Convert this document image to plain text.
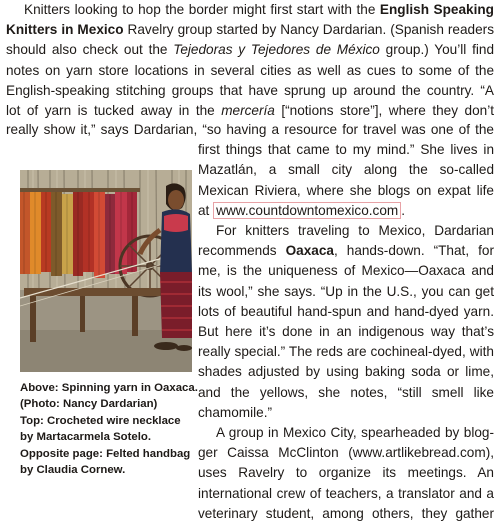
Knitters looking to hop the border might first start with the English Speaking
Knitters in Mexico Ravelry group started by Nancy Dardarian. (Spanish readers
should also check out the Tejedoras y Tejedores de México group.) You’ll find
notes on yarn store locations in several cities as well as cues to some of the
English-speaking stitching groups that have sprung up around the country. “A
lot of yarn is tucked away in the mercería [“notions store”], where they don’t

really show it,” says Dardarian, “so having a resource for travel was one of the

first things that came to my mind.” She lives in
Mazatlán, a small city along the so-called
Mexican Riviera, where she blogs on expat life
at www.countdowntomexico.com .

For knitters traveling to Mexico, Dardarian recommends Oaxaca, hands-down. “That, for me, is the uniqueness of Mexico—Oaxaca and its wool,” she says. “Up in the U.S., you can get lots of beautiful hand-spun and hand-dyed yarn. But here it’s done in an indigenous way that’s really special.” The reds are cochineal-dyed, with shades adjusted by using baking soda or lime, and the yellows, she notes, “still smell like chamomile.”

A group in Mexico City, spearheaded by blog-ger Caissa McClinton (www.artlikebread.com), uses Ravelry to organize its meetings. An international crew of teachers, a translator and a veterinary student, among others, they gather

Above: Spinning yarn in Oaxaca.
(Photo: Nancy Dardarian)
Top: Crocheted wire necklace
by Martacarmela Sotelo.
Opposite page: Felted handbag
by Claudia Cornew.
